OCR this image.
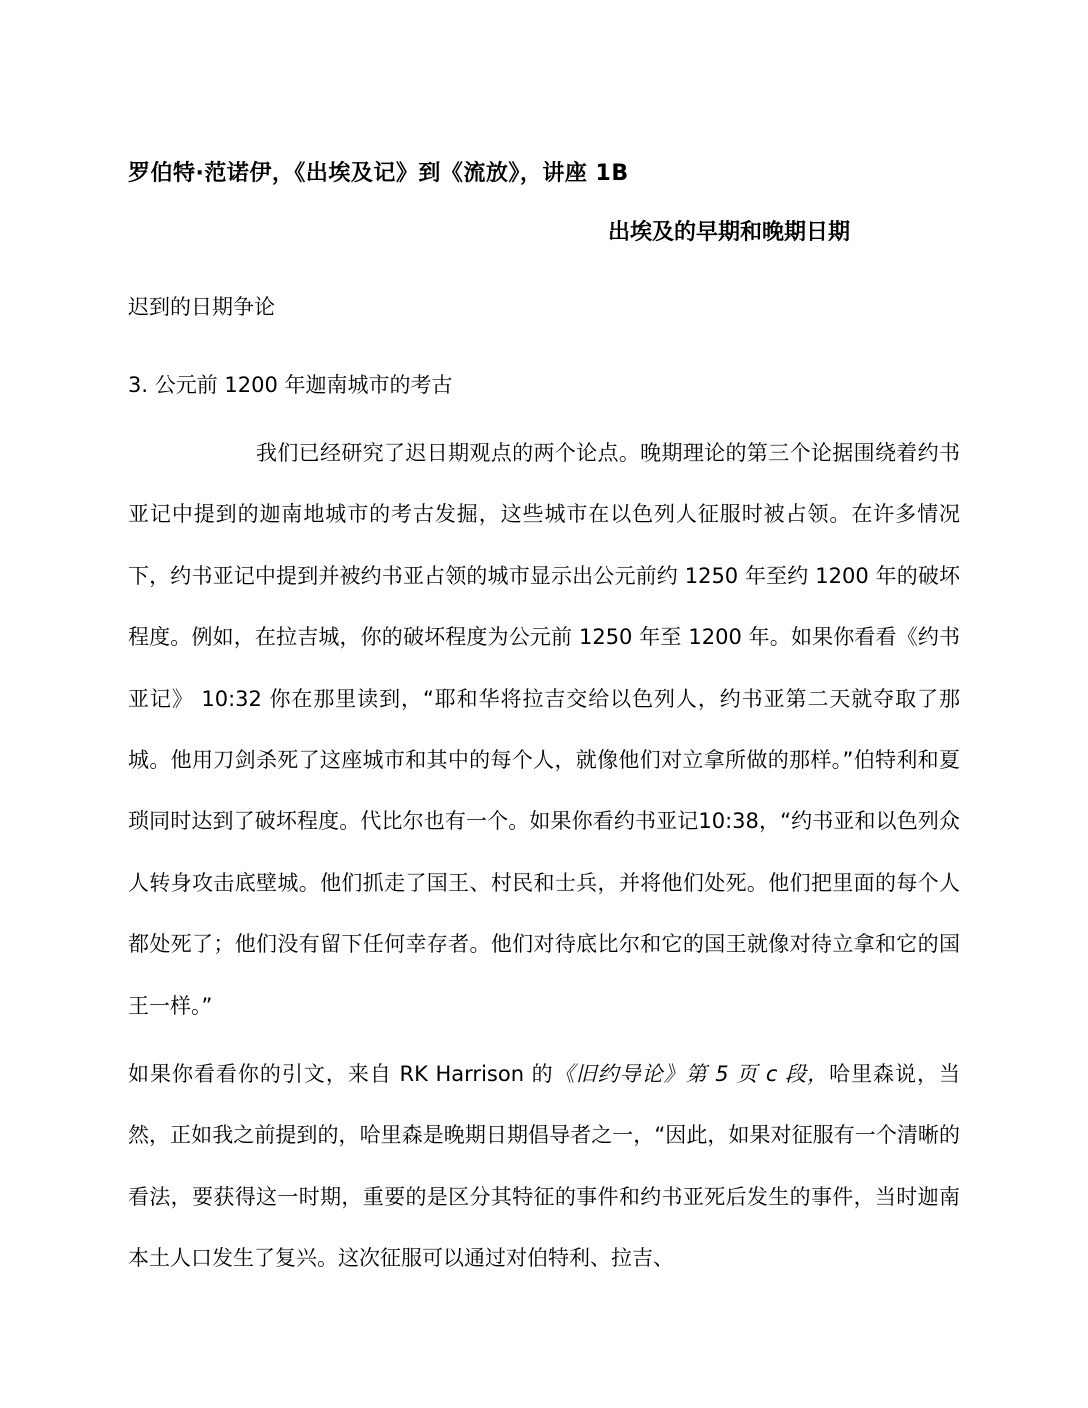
罗伯特·范诺伊，《出埃及记》到《流放》，讲座 1B
出埃及的早期和晚期日期
迟到的日期争论
3. 公元前 1200 年迦南城市的考古

我们已经研究了迟日期观点的两个论点。晚期理论的第三个论据围绕着约书亚记中提到的迦南地城市的考古发掘，这些城市在以色列人征服时被占领。在许多情况下，约书亚记中提到并被约书亚占领的城市显示出公元前约 1250 年至约 1200 年的破坏程度。例如，在拉吉城，你的破坏程度为公元前 1250 年至 1200 年。如果你看看《约书亚记》 10:32 你在那里读到，“耶和华将拉吉交给以色列人，约书亚第二天就夺取了那城。他用刀剑杀死了这座城市和其中的每个人，就像他们对立拿所做的那样。”伯特利和夏琐同时达到了破坏程度。代比尔也有一个。如果你看约书亚记10:38，“约书亚和以色列众人转身攻击底壁城。他们抓走了国王、村民和士兵，并将他们处死。他们把里面的每个人都处死了；他们没有留下任何幸存者。他们对待底比尔和它的国王就像对待立拿和它的国王一样。”

如果你看看你的引文，来自 RK Harrison 的《旧约导论》第 5 页 c 段，哈里森说，当然，正如我之前提到的，哈里森是晚期日期倡导者之一，“因此，如果对征服有一个清晰的看法，要获得这一时期，重要的是区分其特征的事件和约书亚死后发生的事件，当时迦南本土人口发生了复兴。这次征服可以通过对伯特利、拉吉、
